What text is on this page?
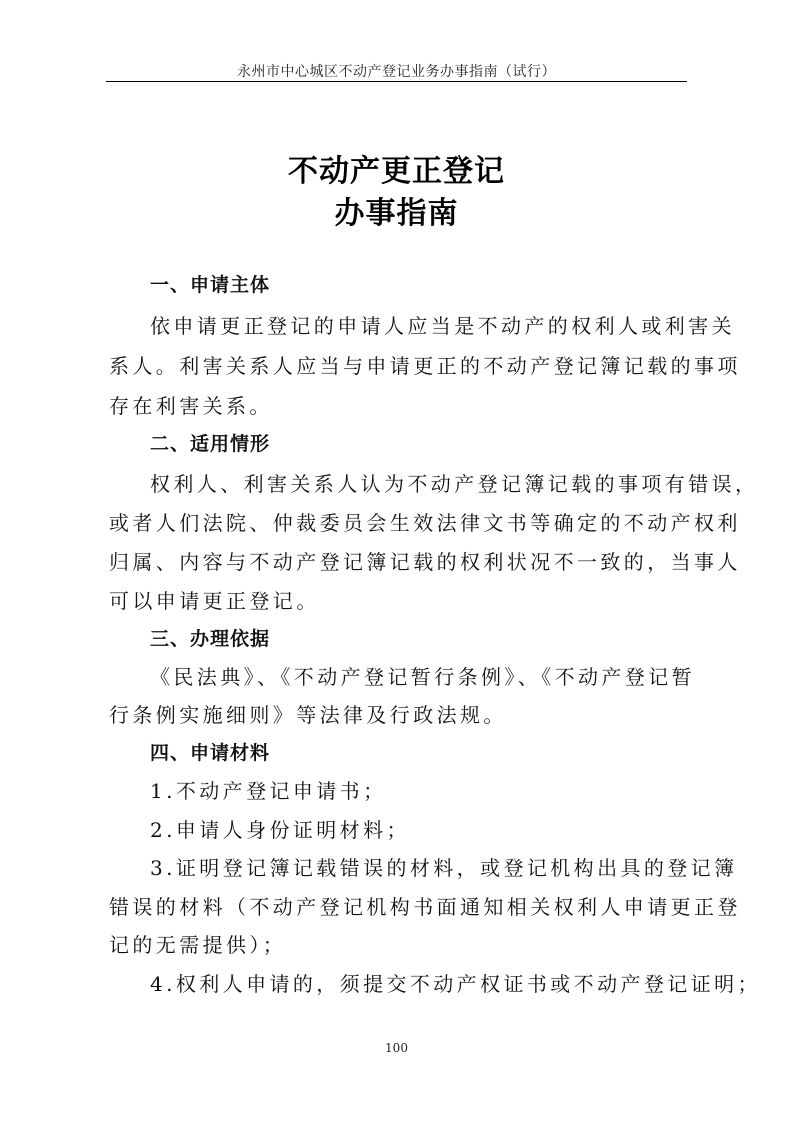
永州市中心城区不动产登记业务办事指南（试行）
不动产更正登记
办事指南
一、申请主体
依申请更正登记的申请人应当是不动产的权利人或利害关
系人。利害关系人应当与申请更正的不动产登记簿记载的事项
存在利害关系。
二、适用情形
权利人、利害关系人认为不动产登记簿记载的事项有错误，
或者人们法院、仲裁委员会生效法律文书等确定的不动产权利
归属、内容与不动产登记簿记载的权利状况不一致的，当事人
可以申请更正登记。
三、办理依据
《民法典》、《不动产登记暂行条例》、《不动产登记暂
行条例实施细则》等法律及行政法规。
四、申请材料
1.不动产登记申请书；
2.申请人身份证明材料；
3.证明登记簿记载错误的材料，或登记机构出具的登记簿
错误的材料（不动产登记机构书面通知相关权利人申请更正登
记的无需提供）；
4.权利人申请的，须提交不动产权证书或不动产登记证明；
100
